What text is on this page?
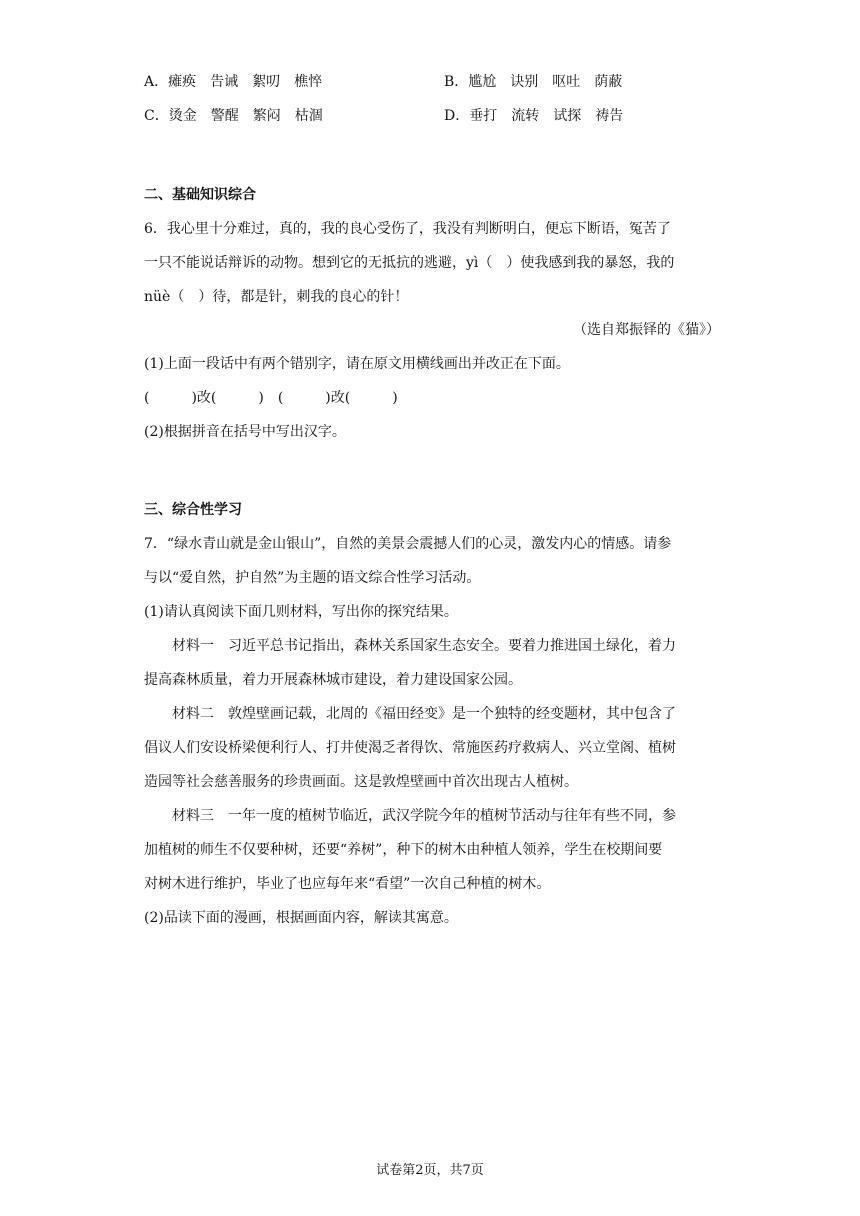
A．瘫痪　告诫　絮叨　樵悴	B．尴尬　诀别　呕吐　荫蔽
C．烫金　警醒　繁闷　枯涸	D．垂打　流转　试探　祷告
二、基础知识综合
6．我心里十分难过，真的，我的良心受伤了，我没有判断明白，便忘下断语，冤苦了
一只不能说话辩诉的动物。想到它的无抵抗的逃避，yì（　）使我感到我的暴怒，我的
nüè（　）待，都是针，刺我的良心的针！
（选自郑振铎的《猫》）
(1)上面一段话中有两个错别字，请在原文用横线画出并改正在下面。
(　　　)改(　　　)　(　　　)改(　　　)
(2)根据拼音在括号中写出汉字。
三、综合性学习
7．“绿水青山就是金山银山”，自然的美景会震撼人们的心灵，激发内心的情感。请参
与以“爱自然，护自然”为主题的语文综合性学习活动。
(1)请认真阅读下面几则材料，写出你的探究结果。
材料一　习近平总书记指出，森林关系国家生态安全。要着力推进国土绿化，着力
提高森林质量，着力开展森林城市建设，着力建设国家公园。
材料二　敦煌壁画记载，北周的《福田经变》是一个独特的经变题材，其中包含了
倡议人们安设桥梁便利行人、打井使渴乏者得饮、常施医药疗救病人、兴立堂阁、植树
造园等社会慈善服务的珍贵画面。这是敦煌壁画中首次出现古人植树。
材料三　一年一度的植树节临近，武汉学院今年的植树节活动与往年有些不同，参
加植树的师生不仅要种树，还要“养树”，种下的树木由种植人领养，学生在校期间要
对树木进行维护，毕业了也应每年来“看望”一次自己种植的树木。
(2)品读下面的漫画，根据画面内容，解读其寓意。
试卷第2页，共7页
